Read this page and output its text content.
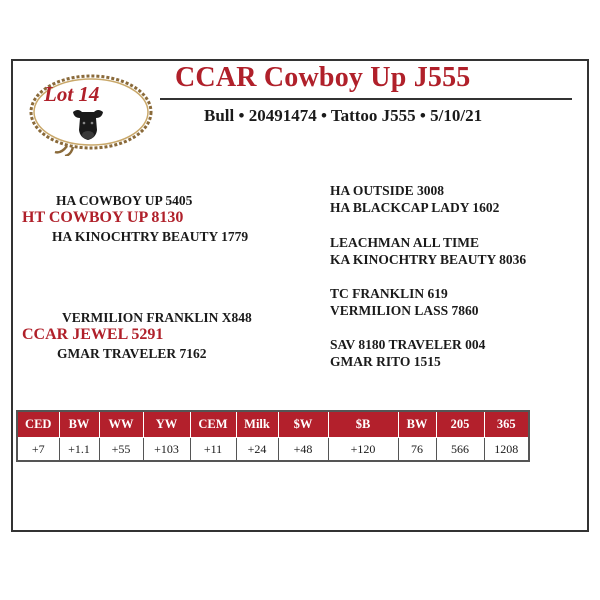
Lot 14
CCAR Cowboy Up J555
Bull • 20491474 • Tattoo J555 • 5/10/21
HA COWBOY UP 5405
HT COWBOY UP 8130
HA KINOCHTRY BEAUTY 1779
VERMILION FRANKLIN X848
CCAR JEWEL 5291
GMAR TRAVELER 7162
HA OUTSIDE 3008
HA BLACKCAP LADY 1602
LEACHMAN ALL TIME
KA KINOCHTRY BEAUTY 8036
TC FRANKLIN 619
VERMILION LASS 7860
SAV 8180 TRAVELER 004
GMAR RITO 1515
CED	BW	WW	YW	CEM	Milk	$W	$B	BW	205	365
+7	+1.1	+55	+103	+11	+24	+48	+120	76	566	1208
